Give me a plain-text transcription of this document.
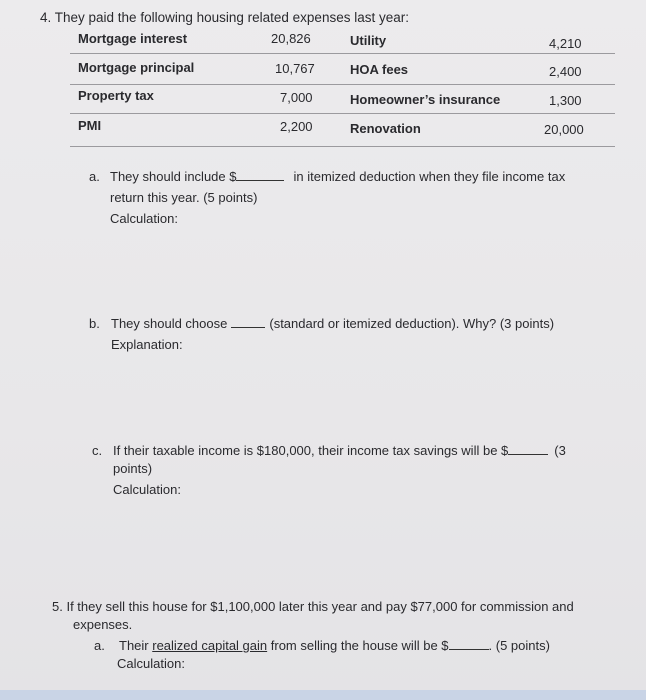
4. They paid the following housing related expenses last year:
Mortgage interest	20,826	Utility	4,210
Mortgage principal	10,767	HOA fees	2,400
Property tax	7,000	Homeowner’s insurance	1,300
PMI	2,200	Renovation	20,000
a. They should include $	in itemized deduction when they file income tax
return this year. (5 points)
Calculation:
b. They should choose	(standard or itemized deduction). Why? (3 points)
Explanation:
c. If their taxable income is $180,000, their income tax savings will be $	(3
points)
Calculation:
5. If they sell this house for $1,100,000 later this year and pay $77,000 for commission and
expenses.
a. Their realized capital gain from selling the house will be $	. (5 points)
Calculation:
